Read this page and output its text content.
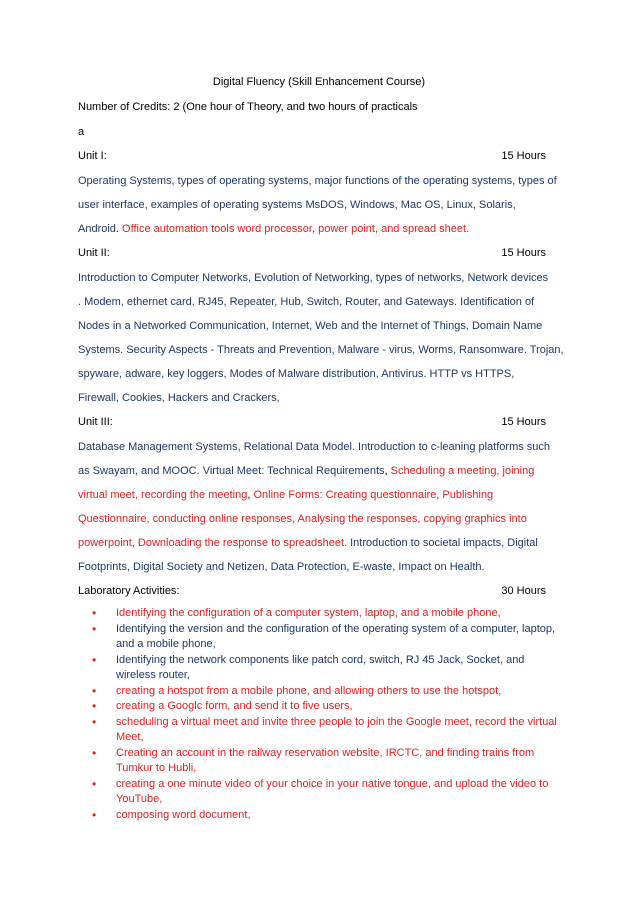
Digital Fluency (Skill Enhancement Course)
Number of Credits: 2 (One hour of Theory, and two hours of practicals
a
Unit I:	15 Hours
Operating Systems, types of operating systems, major functions of the operating systems, types of
user interface, examples of operating systems MsDOS, Windows, Mac OS, Linux, Solaris,
Android. Office automation tools word processor, power point, and spread sheet.
Unit II:	15 Hours
Introduction to Computer Networks, Evolution of Networking, types of networks, Network devices
. Modem, ethernet card, RJ45, Repeater, Hub, Switch, Router, and Gateways. Identification of
Nodes in a Networked Communication, Internet, Web and the Internet of Things, Domain Name
Systems. Security Aspects - Threats and Prevention, Malware - virus, Worms, Ransomware. Trojan,
spyware, adware, key loggers, Modes of Malware distribution, Antivirus. HTTP vs HTTPS,
Firewall, Cookies, Hackers and Crackers,
Unit III:	15 Hours
Database Management Systems, Relational Data Model. Introduction to c-leaning platforms such
as Swayam, and MOOC. Virtual Meet: Technical Requirements, Scheduling a meeting, joining
virtual meet, recording the meeting, Online Forms: Creating questionnaire, Publishing
Questionnaire, conducting online responses, Analysing the responses, copying graphics into
powerpoint, Downloading the response to spreadsheet. Introduction to societal impacts, Digital
Footprints, Digital Society and Netizen, Data Protection, E-waste, Impact on Health.
Laboratory Activities:	30 Hours
• Identifying the configuration of a computer system, laptop, and a mobile phone,
• Identifying the version and the configuration of the operating system of a computer, laptop, and a mobile phone,
• Identifying the network components like patch cord, switch, RJ 45 Jack, Socket, and wireless router,
• creating a hotspot from a mobile phone, and allowing others to use the hotspot,
• creating a Googlc form, and send it to five users,
• scheduling a virtual meet and invite three people to join the Google meet, record the virtual Meet,
• Creating an account in the railway reservation website, IRCTC, and finding trains from Tumkur to Hubli,
• creating a one minute video of your choice in your native tongue, and upload the video to YouTube,
• composing word document,
